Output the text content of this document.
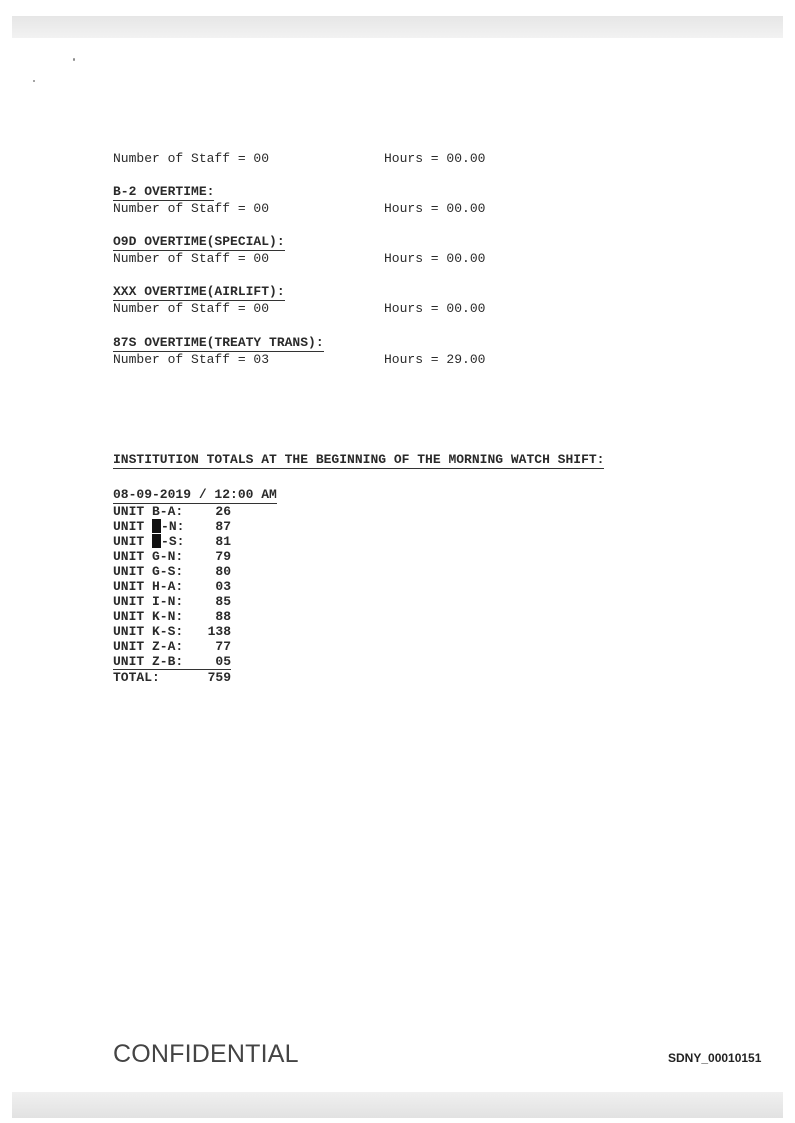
Number of Staff = 00	Hours = 00.00
B-2 OVERTIME:
Number of Staff = 00	Hours = 00.00
O9D OVERTIME(SPECIAL):
Number of Staff = 00	Hours = 00.00
XXX OVERTIME(AIRLIFT):
Number of Staff = 00	Hours = 00.00
87S OVERTIME(TREATY TRANS):
Number of Staff = 03	Hours = 29.00
INSTITUTION TOTALS AT THE BEGINNING OF THE MORNING WATCH SHIFT:
08-09-2019 / 12:00 AM
UNIT B-A:	26
UNIT -N:	87
UNIT -S:	81
UNIT G-N:	79
UNIT G-S:	80
UNIT H-A:	03
UNIT I-N:	85
UNIT K-N:	88
UNIT K-S:	138
UNIT Z-A:	77
UNIT Z-B:	05
TOTAL:	759
CONFIDENTIAL	SDNY_00010151
